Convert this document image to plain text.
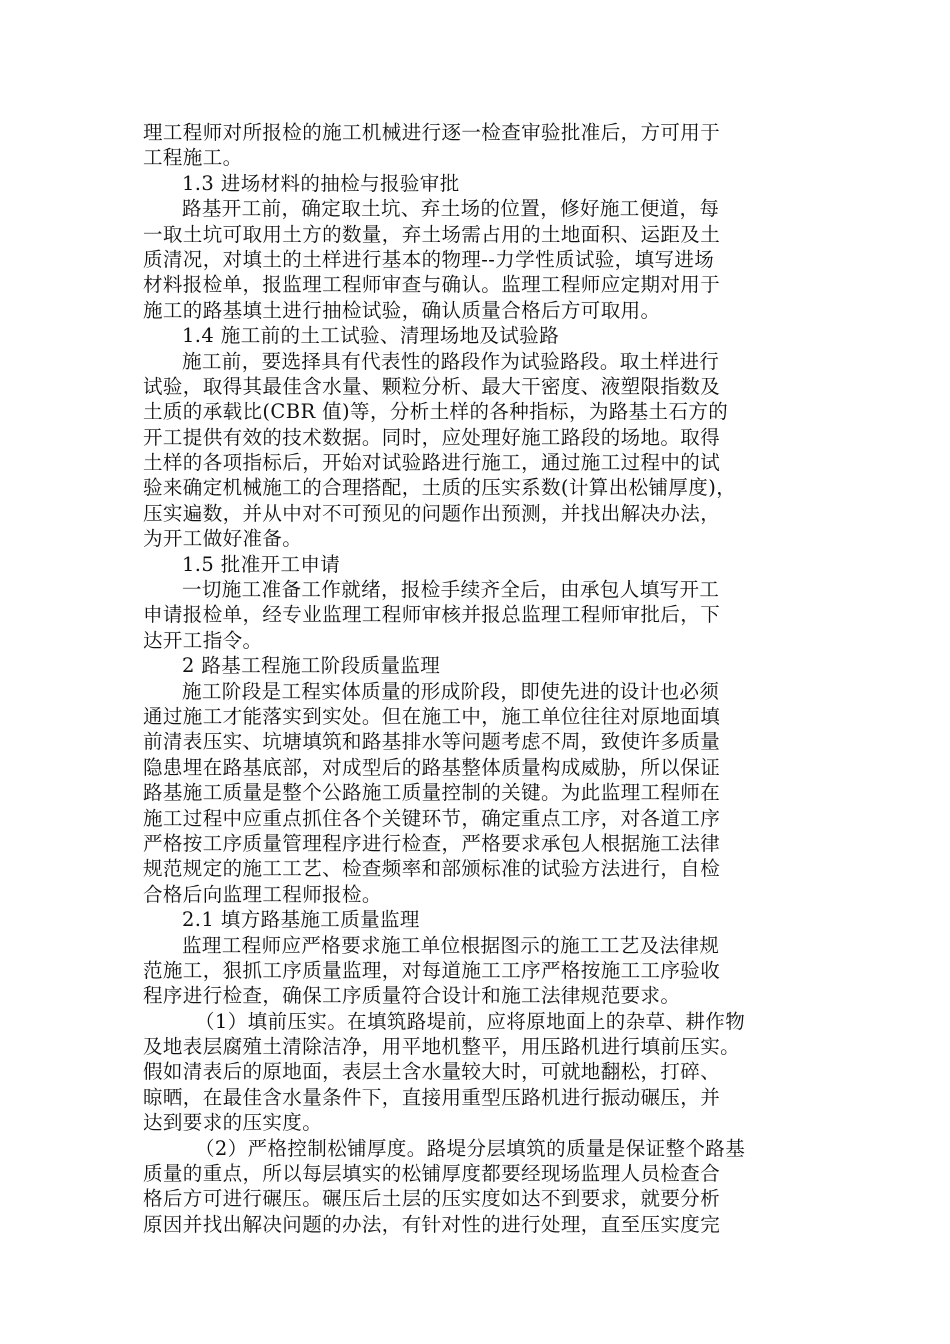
理工程师对所报检的施工机械进行逐一检查审验批准后，方可用于
工程施工。
1.3 进场材料的抽检与报验审批
路基开工前，确定取土坑、弃土场的位置，修好施工便道，每
一取土坑可取用土方的数量，弃土场需占用的土地面积、运距及土
质清况，对填土的土样进行基本的物理--力学性质试验，填写进场
材料报检单，报监理工程师审查与确认。监理工程师应定期对用于
施工的路基填土进行抽检试验，确认质量合格后方可取用。
1.4 施工前的土工试验、清理场地及试验路
施工前，要选择具有代表性的路段作为试验路段。取土样进行
试验，取得其最佳含水量、颗粒分析、最大干密度、液塑限指数及
土质的承载比(CBR 值)等，分析土样的各种指标，为路基土石方的
开工提供有效的技术数据。同时，应处理好施工路段的场地。取得
土样的各项指标后，开始对试验路进行施工，通过施工过程中的试
验来确定机械施工的合理搭配，土质的压实系数(计算出松铺厚度)，
压实遍数，并从中对不可预见的问题作出预测，并找出解决办法，
为开工做好准备。
1.5 批准开工申请
一切施工准备工作就绪，报检手续齐全后，由承包人填写开工
申请报检单，经专业监理工程师审核并报总监理工程师审批后，下
达开工指令。
2 路基工程施工阶段质量监理
施工阶段是工程实体质量的形成阶段，即使先进的设计也必须
通过施工才能落实到实处。但在施工中，施工单位往往对原地面填
前清表压实、坑塘填筑和路基排水等问题考虑不周，致使许多质量
隐患埋在路基底部，对成型后的路基整体质量构成威胁，所以保证
路基施工质量是整个公路施工质量控制的关键。为此监理工程师在
施工过程中应重点抓住各个关键环节，确定重点工序，对各道工序
严格按工序质量管理程序进行检查，严格要求承包人根据施工法律
规范规定的施工工艺、检查频率和部颁标准的试验方法进行，自检
合格后向监理工程师报检。
2.1 填方路基施工质量监理
监理工程师应严格要求施工单位根据图示的施工工艺及法律规
范施工，狠抓工序质量监理，对每道施工工序严格按施工工序验收
程序进行检查，确保工序质量符合设计和施工法律规范要求。
（1）填前压实。在填筑路堤前，应将原地面上的杂草、耕作物
及地表层腐殖土清除洁净，用平地机整平，用压路机进行填前压实。
假如清表后的原地面，表层土含水量较大时，可就地翻松，打碎、
晾晒，在最佳含水量条件下，直接用重型压路机进行振动碾压，并
达到要求的压实度。
（2）严格控制松铺厚度。路堤分层填筑的质量是保证整个路基
质量的重点，所以每层填实的松铺厚度都要经现场监理人员检查合
格后方可进行碾压。碾压后土层的压实度如达不到要求，就要分析
原因并找出解决问题的办法，有针对性的进行处理，直至压实度完
